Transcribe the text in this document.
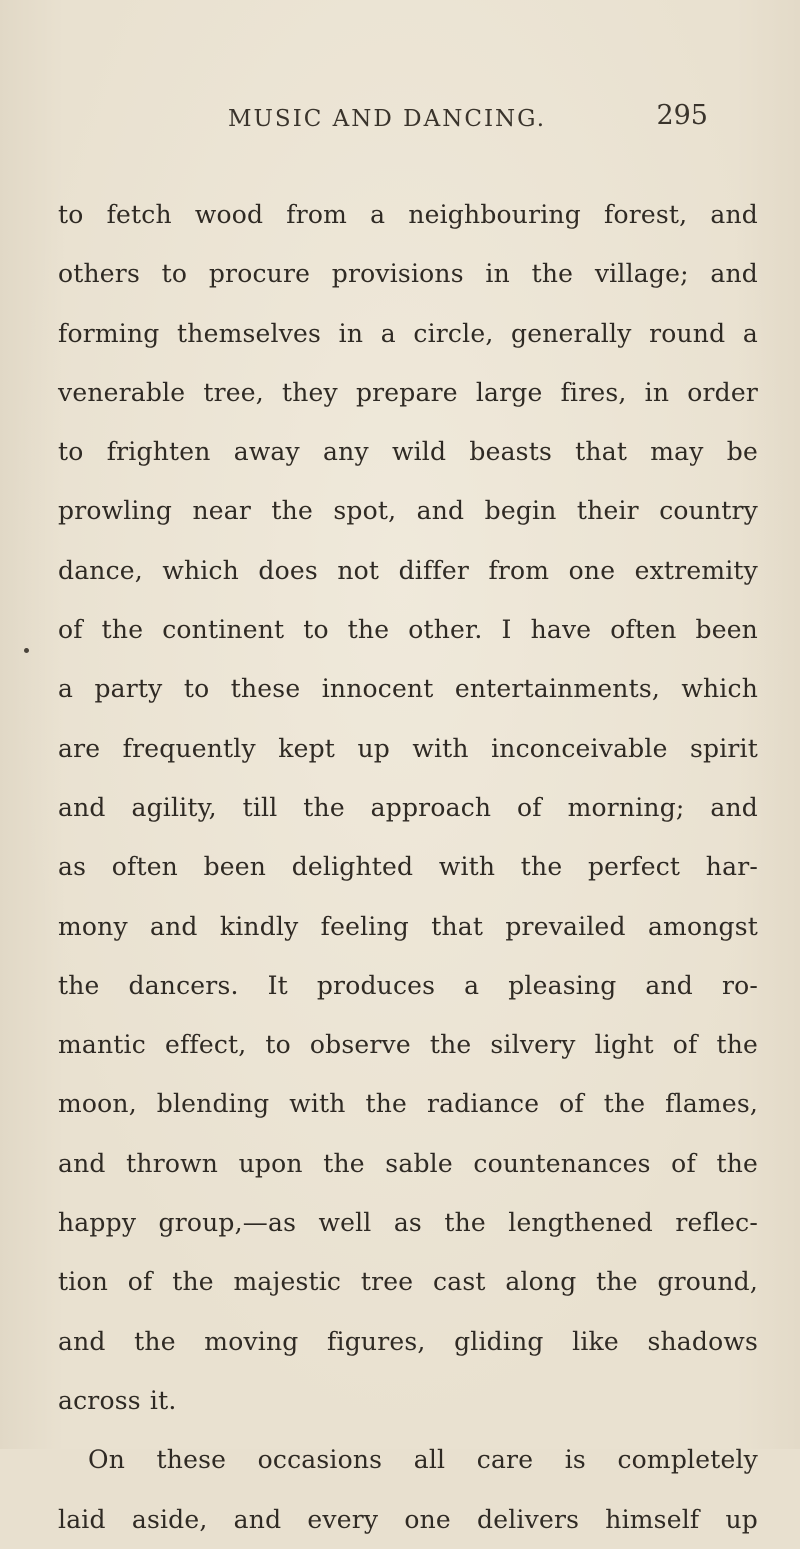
MUSIC AND DANCING.	295
to fetch wood from a neighbouring forest, and
others to procure provisions in the village; and
forming themselves in a circle, generally round a
venerable tree, they prepare large fires, in order
to frighten away any wild beasts that may be
prowling near the spot, and begin their country
dance, which does not differ from one extremity
of the continent to the other. I have often been
a party to these innocent entertainments, which
are frequently kept up with inconceivable spirit
and agility, till the approach of morning; and
as often been delighted with the perfect har-
mony and kindly feeling that prevailed amongst
the dancers. It produces a pleasing and ro-
mantic effect, to observe the silvery light of the
moon, blending with the radiance of the flames,
and thrown upon the sable countenances of the
happy group,—as well as the lengthened reflec-
tion of the majestic tree cast along the ground,
and the moving figures, gliding like shadows
across it.
On these occasions all care is completely
laid aside, and every one delivers himself up
